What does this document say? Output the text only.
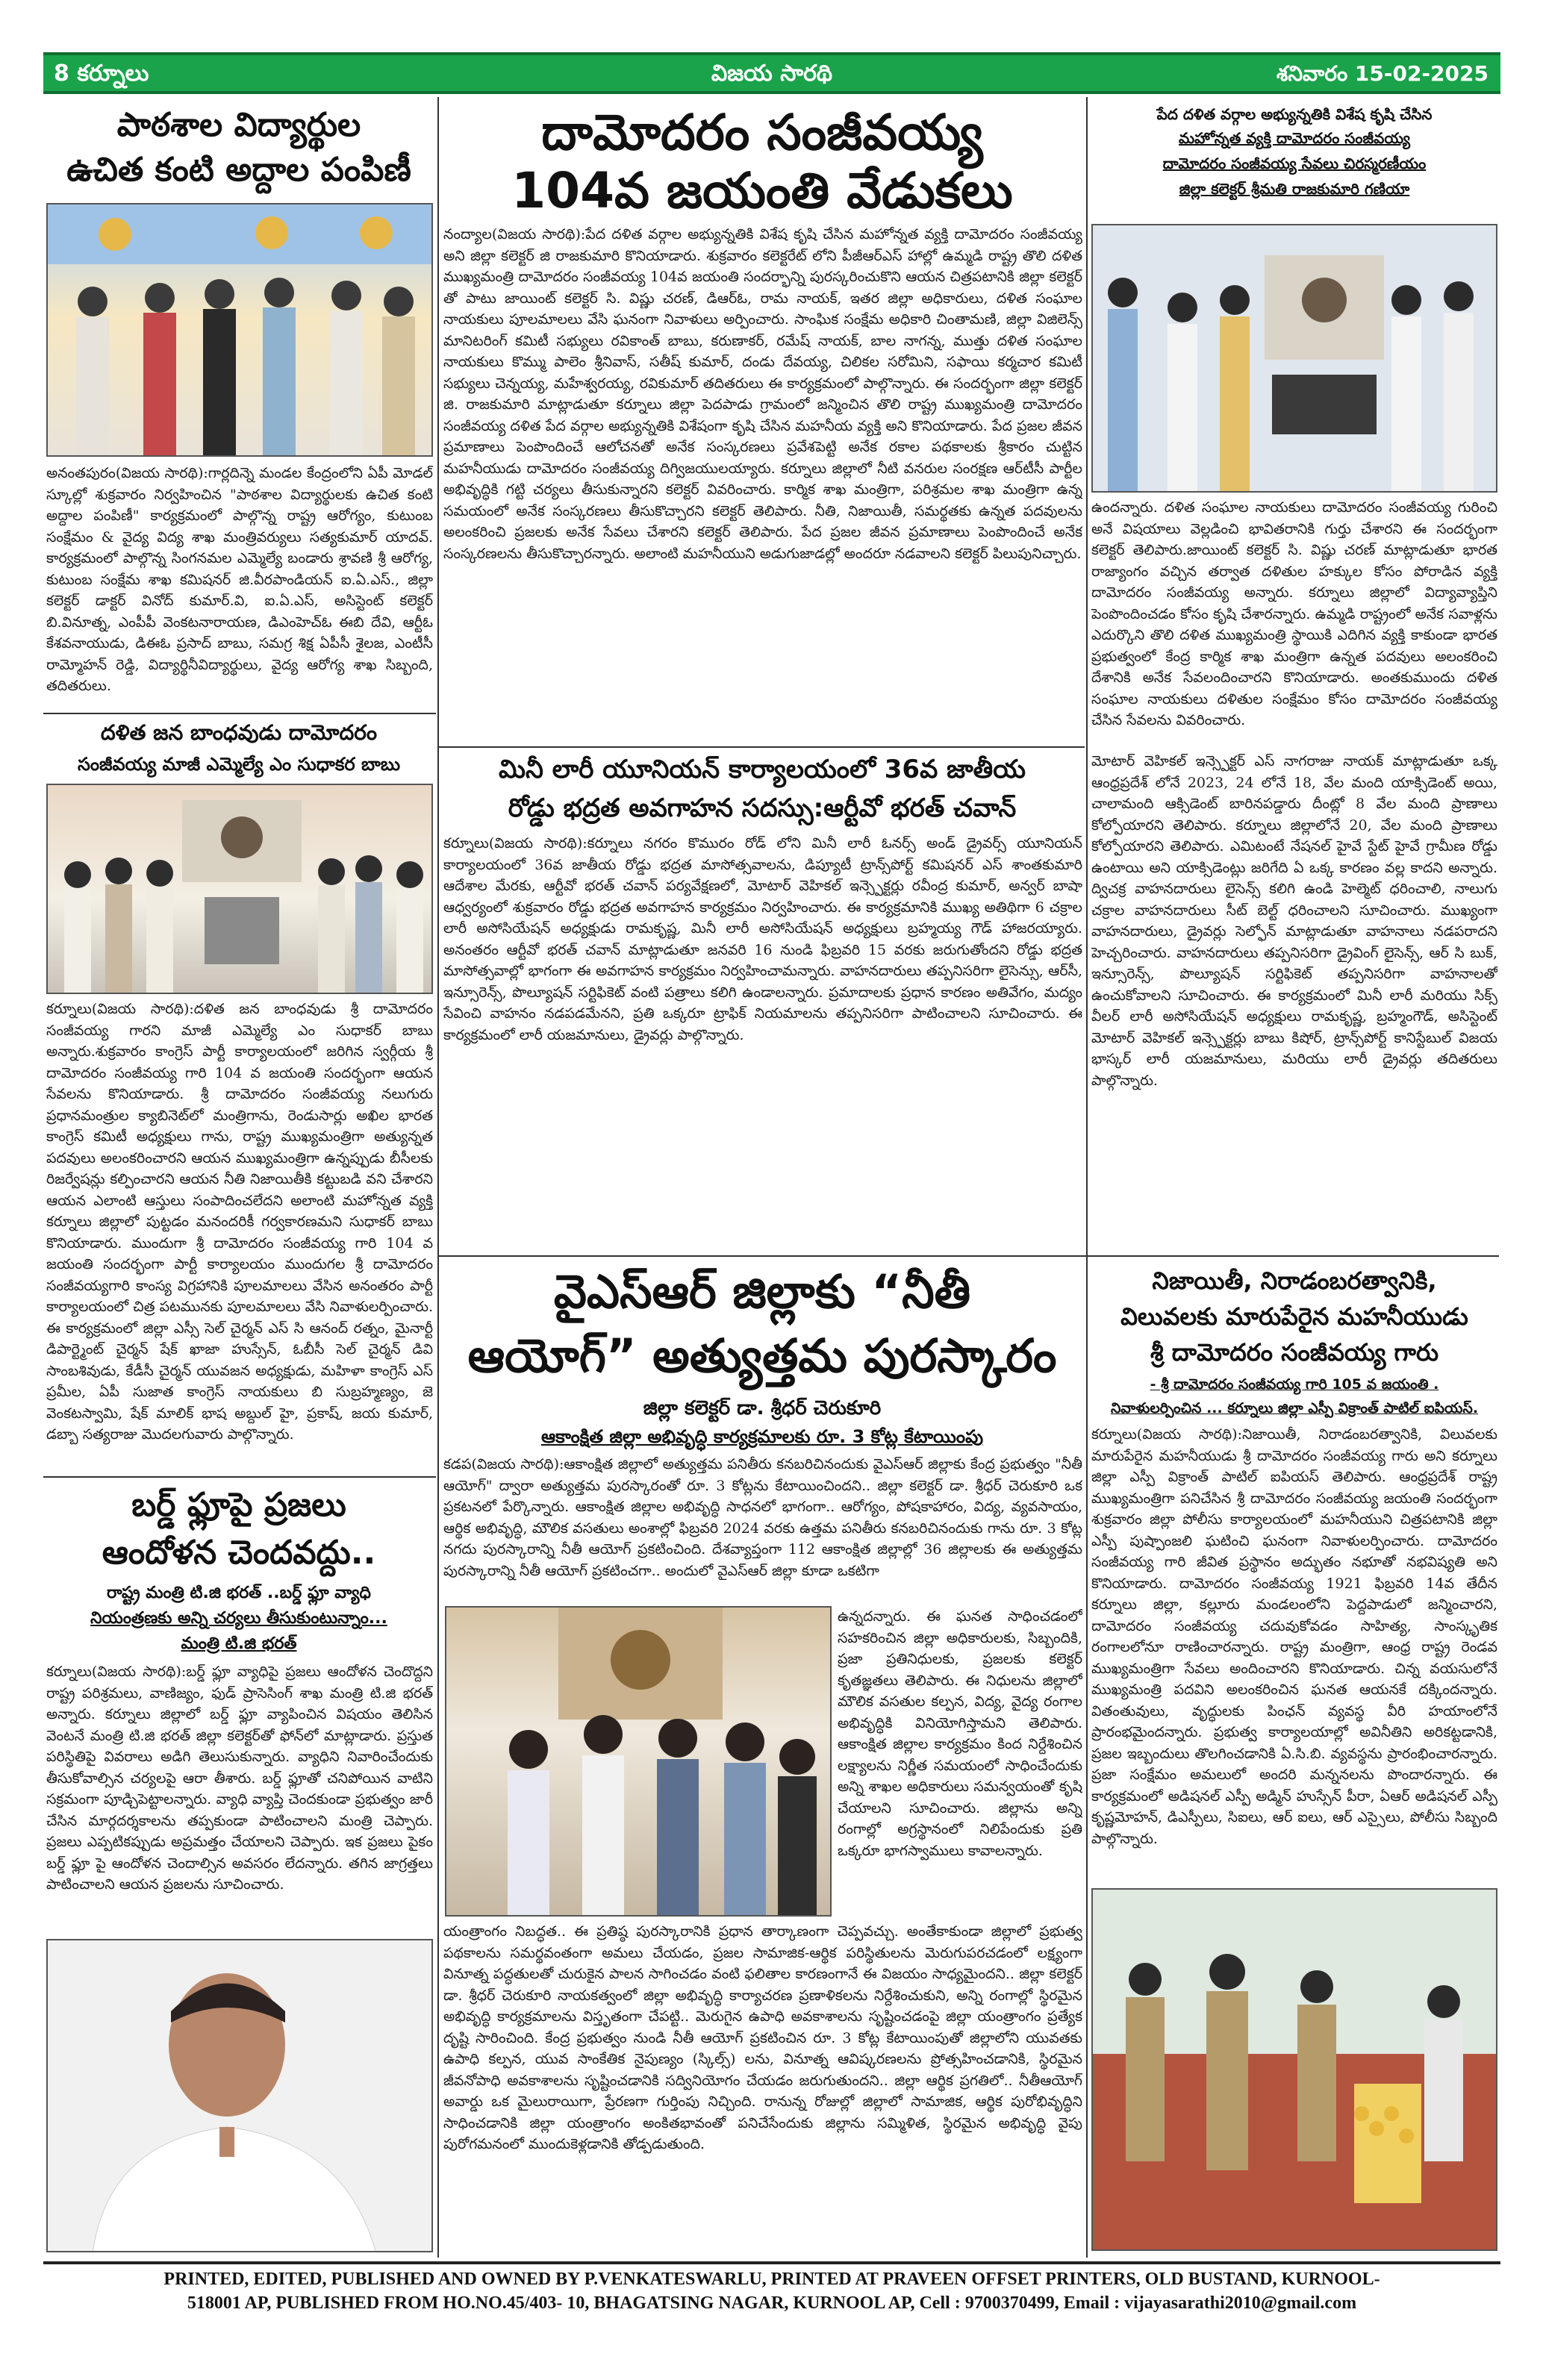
8 కర్నూలు	విజయ సారథి	శనివారం 15-02-2025
పాఠశాల విద్యార్థుల
ఉచిత కంటి అద్దాల పంపిణీ
అనంతపురం(విజయ సారథి):గార్లదిన్నె మండల కేంద్రంలోని ఏపీ మోడల్ స్కూల్లో శుక్రవారం నిర్వహించిన "పాఠశాల విద్యార్థులకు ఉచిత కంటి అద్దాల పంపిణీ" కార్యక్రమంలో పాల్గొన్న రాష్ట్ర ఆరోగ్యం, కుటుంబ సంక్షేమం & వైద్య విద్య శాఖ మంత్రివర్యులు సత్యకుమార్ యాదవ్. కార్యక్రమంలో పాల్గొన్న సింగనమల ఎమ్మెల్యే బండారు శ్రావణి శ్రీ ఆరోగ్య, కుటుంబ సంక్షేమ శాఖ కమిషనర్ జి.వీరపాండియన్ ఐ.ఏ.ఎస్., జిల్లా కలెక్టర్ డాక్టర్ వినోద్ కుమార్.వి, ఐ.ఏ.ఎస్, అసిస్టెంట్ కలెక్టర్ బి.వినూత్న, ఎంపీపీ వెంకటనారాయణ, డిఎంహెచ్ఓ ఈబి దేవి, ఆర్టీఓ కేశవనాయుడు, డిఈఓ ప్రసాద్ బాబు, సమగ్ర శిక్ష ఏపీసీ శైలజ, ఎంటీసీ రామ్మోహన్ రెడ్డి, విద్యార్థినీవిద్యార్థులు, వైద్య ఆరోగ్య శాఖ సిబ్బంది, తదితరులు.
దళిత జన బాంధవుడు దామోదరం
సంజీవయ్య మాజీ ఎమ్మెల్యే ఎం సుధాకర బాబు
కర్నూలు(విజయ సారథి):దళిత జన బాంధవుడు శ్రీ దామోదరం సంజీవయ్య గారని మాజీ ఎమ్మెల్యే ఎం సుధాకర్ బాబు అన్నారు.శుక్రవారం కాంగ్రెస్ పార్టీ కార్యాలయంలో జరిగిన స్వర్గీయ శ్రీ దామోదరం సంజీవయ్య గారి 104 వ జయంతి సందర్భంగా ఆయన సేవలను కొనియాడారు. శ్రీ దామోదరం సంజీవయ్య నలుగురు ప్రధానమంత్రుల క్యాబినెట్‌లో మంత్రిగాను, రెండుసార్లు అఖిల భారత కాంగ్రెస్ కమిటీ అధ్యక్షులు గాను, రాష్ట్ర ముఖ్యమంత్రిగా అత్యున్నత పదవులు అలంకరించారని ఆయన ముఖ్యమంత్రిగా ఉన్నప్పుడు బీసీలకు రిజర్వేషన్లు కల్పించారని ఆయన నీతి నిజాయితీకి కట్టుబడి వని చేశారని ఆయన ఎలాంటి ఆస్తులు సంపాదించలేదని అలాంటి మహోన్నత వ్యక్తి కర్నూలు జిల్లాలో పుట్టడం మనందరికీ గర్వకారణమని సుధాకర్ బాబు కొనియాడారు. ముందుగా శ్రీ దామోదరం సంజీవయ్య గారి 104 వ జయంతి సందర్భంగా పార్టీ కార్యాలయం ముందుగల శ్రీ దామోదరం సంజీవయ్యగారి కాంస్య విగ్రహానికి పూలమాలలు వేసిన అనంతరం పార్టీ కార్యాలయంలో చిత్ర పటమునకు పూలమాలలు వేసి నివాళులర్పించారు. ఈ కార్యక్రమంలో జిల్లా ఎస్సీ సెల్ చైర్మన్ ఎస్ సి ఆనంద్ రత్నం, మైనార్టీ డిపార్ట్మెంట్ చైర్మన్ షేక్ ఖాజా హుస్సేన్, ఓబీసీ సెల్ చైర్మన్ డివి సాంబశివుడు, కేడీసీ చైర్మన్ యువజన అధ్యక్షుడు, మహిళా కాంగ్రెస్ ఎస్ ప్రమీల, ఏపీ సుజాత కాంగ్రెస్ నాయకులు బి సుబ్రహ్మణ్యం, జె వెంకటస్వామి, షేక్ మాలిక్ భాష అబ్దుల్ హై, ప్రకాష్, జయ కుమార్, డబ్బా సత్యరాజు మొదలగువారు పాల్గొన్నారు.
బర్డ్ ఫ్లూపై ప్రజలు
ఆందోళన చెందవద్దు..
రాష్ట్ర మంత్రి టి.జి భరత్ ..బర్డ్ ఫ్లూ వ్యాధి
నియంత్రణకు అన్ని చర్యలు తీసుకుంటున్నాం...
మంత్రి టి.జి భరత్
కర్నూలు(విజయ సారథి):బర్డ్ ఫ్లూ వ్యాధిపై ప్రజలు ఆందోళన చెందొద్దని రాష్ట్ర పరిశ్రమలు, వాణిజ్యం, ఫుడ్ ప్రాసెసింగ్ శాఖ మంత్రి టి.జి భరత్ అన్నారు. కర్నూలు జిల్లాలో బర్డ్ ఫ్లూ వ్యాపించిన విషయం తెలిసిన వెంటనే మంత్రి టి.జి భరత్ జిల్లా కలెక్టర్‌తో ఫోన్‌లో మాట్లాడారు. ప్రస్తుత పరిస్థితిపై వివరాలు అడిగి తెలుసుకున్నారు. వ్యాధిని నివారించేందుకు తీసుకోవాల్సిన చర్యలపై ఆరా తీశారు. బర్డ్ ఫ్లూతో చనిపోయిన వాటిని సక్రమంగా పూడ్చిపెట్టాలన్నారు. వ్యాధి వ్యాప్తి చెందకుండా ప్రభుత్వం జారీ చేసిన మార్గదర్శకాలను తప్పకుండా పాటించాలని మంత్రి చెప్పారు. ప్రజలు ఎప్పటికప్పుడు అప్రమత్తం చేయాలని చెప్పారు. ఇక ప్రజలు పైకం బర్డ్ ఫ్లూ పై ఆందోళన చెందాల్సిన అవసరం లేదన్నారు. తగిన జాగ్రత్తలు పాటించాలని ఆయన ప్రజలను సూచించారు.
దామోదరం సంజీవయ్య
104వ జయంతి వేడుకలు
నంద్యాల(విజయ సారథి):పేద దళిత వర్గాల అభ్యున్నతికి విశేష కృషి చేసిన మహోన్నత వ్యక్తి దామోదరం సంజీవయ్య అని జిల్లా కలెక్టర్ జి రాజకుమారి కొనియాడారు. శుక్రవారం కలెక్టరేట్ లోని పీజీఆర్ఎస్ హాల్లో ఉమ్మడి రాష్ట్ర తొలి దళిత ముఖ్యమంత్రి దామోదరం సంజీవయ్య 104వ జయంతి సందర్భాన్ని పురస్కరించుకొని ఆయన చిత్రపటానికి జిల్లా కలెక్టర్ తో పాటు జాయింట్ కలెక్టర్ సి. విష్ణు చరణ్, డిఆర్ఓ, రామ నాయక్, ఇతర జిల్లా అధికారులు, దళిత సంఘాల నాయకులు పూలమాలలు వేసి ఘనంగా నివాళులు అర్పించారు. సాంఘిక సంక్షేమ అధికారి చింతామణి, జిల్లా విజిలెన్స్ మానిటరింగ్ కమిటీ సభ్యులు రవికాంత్ బాబు, కరుణాకర్, రమేష్ నాయక్, బాల నాగన్న, ముత్తు దళిత సంఘాల నాయకులు కొమ్ము పాలెం శ్రీనివాస్, సతీష్ కుమార్, దండు దేవయ్య, చిలికల సరోమిని, సఫాయి కర్మచార కమిటీ సభ్యులు చెన్నయ్య, మహేశ్వరయ్య, రవికుమార్ తదితరులు ఈ కార్యక్రమంలో పాల్గొన్నారు. ఈ సందర్భంగా జిల్లా కలెక్టర్ జి. రాజకుమారి మాట్లాడుతూ కర్నూలు జిల్లా పెదపాడు గ్రామంలో జన్మించిన తొలి రాష్ట్ర ముఖ్యమంత్రి దామోదరం సంజీవయ్య దళిత పేద వర్గాల అభ్యున్నతికి విశేషంగా కృషి చేసిన మహనీయ వ్యక్తి అని కొనియాడారు. పేద ప్రజల జీవన ప్రమాణాలు పెంపొందించే ఆలోచనతో అనేక సంస్కరణలు ప్రవేశపెట్టి అనేక రకాల పథకాలకు శ్రీకారం చుట్టిన మహనీయుడు దామోదరం సంజీవయ్య దిగ్విజయులయ్యారు. కర్నూలు జిల్లాలో నీటి వనరుల సంరక్షణ ఆర్‌టీసీ పార్టీల అభివృద్ధికి గట్టి చర్యలు తీసుకున్నారని కలెక్టర్ వివరించారు. కార్మిక శాఖ మంత్రిగా, పరిశ్రమల శాఖ మంత్రిగా ఉన్న సమయంలో అనేక సంస్కరణలు తీసుకొచ్చారని కలెక్టర్ తెలిపారు. నీతి, నిజాయితీ, సమర్థతకు ఉన్నత పదవులను అలంకరించి ప్రజలకు అనేక సేవలు చేశారని కలెక్టర్ తెలిపారు. పేద ప్రజల జీవన ప్రమాణాలు పెంపొందించే అనేక సంస్కరణలను తీసుకొచ్చారన్నారు. అలాంటి మహనీయుని అడుగుజాడల్లో అందరూ నడవాలని కలెక్టర్ పిలుపునిచ్చారు.
మినీ లారీ యూనియన్ కార్యాలయంలో 36వ జాతీయ
రోడ్డు భద్రత అవగాహన సదస్సు:ఆర్టీవో భరత్ చవాన్
కర్నూలు(విజయ సారథి):కర్నూలు నగరం కొమురం రోడ్ లోని మినీ లారీ ఓనర్స్ అండ్ డ్రైవర్స్ యూనియన్ కార్యాలయంలో 36వ జాతీయ రోడ్డు భద్రత మాసోత్సవాలను, డిప్యూటీ ట్రాన్స్‌పోర్ట్ కమిషనర్ ఎస్ శాంతకుమారి ఆదేశాల మేరకు, ఆర్టీవో భరత్ చవాన్ పర్యవేక్షణలో, మోటార్ వెహికల్ ఇన్స్పెక్టర్లు రవీంద్ర కుమార్, అన్వర్ బాషా ఆధ్వర్యంలో శుక్రవారం రోడ్డు భద్రత అవగాహన కార్యక్రమం నిర్వహించారు. ఈ కార్యక్రమానికి ముఖ్య అతిథిగా 6 చక్రాల లారీ అసోసియేషన్ అధ్యక్షుడు రామకృష్ణ, మినీ లారీ అసోసియేషన్ అధ్యక్షులు బ్రహ్మయ్య గౌడ్ హాజరయ్యారు. అనంతరం ఆర్టీవో భరత్ చవాన్ మాట్లాడుతూ జనవరి 16 నుండి ఫిబ్రవరి 15 వరకు జరుగుతోందని రోడ్డు భద్రత మాసోత్సవాల్లో భాగంగా ఈ అవగాహన కార్యక్రమం నిర్వహించామన్నారు. వాహనదారులు తప్పనిసరిగా లైసెన్సు, ఆర్‌సీ, ఇన్సూరెన్స్, పొల్యూషన్ సర్టిఫికెట్ వంటి పత్రాలు కలిగి ఉండాలన్నారు. ప్రమాదాలకు ప్రధాన కారణం అతివేగం, మద్యం సేవించి వాహనం నడపడమేనని, ప్రతి ఒక్కరూ ట్రాఫిక్ నియమాలను తప్పనిసరిగా పాటించాలని సూచించారు. ఈ కార్యక్రమంలో లారీ యజమానులు, డ్రైవర్లు పాల్గొన్నారు.
వైఎస్ఆర్ జిల్లాకు “నీతీ
ఆయోగ్” అత్యుత్తమ పురస్కారం
జిల్లా కలెక్టర్ డా. శ్రీధర్ చెరుకూరి
ఆకాంక్షిత జిల్లా అభివృద్ధి కార్యక్రమాలకు రూ. 3 కోట్ల కేటాయింపు
కడప(విజయ సారథి):ఆకాంక్షిత జిల్లాలో అత్యుత్తమ పనితీరు కనబరిచినందుకు వైఎస్ఆర్ జిల్లాకు కేంద్ర ప్రభుత్వం "నీతీ ఆయోగ్" ద్వారా అత్యుత్తమ పురస్కారంతో రూ. 3 కోట్లను కేటాయించిందని.. జిల్లా కలెక్టర్ డా. శ్రీధర్ చెరుకూరి ఒక ప్రకటనలో పేర్కొన్నారు. ఆకాంక్షిత జిల్లాల అభివృద్ధి సాధనలో భాగంగా.. ఆరోగ్యం, పోషకాహారం, విద్య, వ్యవసాయం, ఆర్థిక అభివృద్ధి, మౌలిక వసతులు అంశాల్లో ఫిబ్రవరి 2024 వరకు ఉత్తమ పనితీరు కనబరిచినందుకు గాను రూ. 3 కోట్ల నగదు పురస్కారాన్ని నీతీ ఆయోగ్ ప్రకటించింది. దేశవ్యాప్తంగా 112 ఆకాంక్షిత జిల్లాల్లో 36 జిల్లాలకు ఈ అత్యుత్తమ పురస్కారాన్ని నీతీ ఆయోగ్ ప్రకటించగా.. అందులో వైఎస్ఆర్ జిల్లా కూడా ఒకటిగా
ఉన్నదన్నారు. ఈ ఘనత సాధించడంలో సహకరించిన జిల్లా అధికారులకు, సిబ్బందికి, ప్రజా ప్రతినిధులకు, ప్రజలకు కలెక్టర్ కృతజ్ఞతలు తెలిపారు. ఈ నిధులను జిల్లాలో మౌలిక వసతుల కల్పన, విద్య, వైద్య రంగాల అభివృద్ధికి వినియోగిస్తామని తెలిపారు. ఆకాంక్షిత జిల్లాల కార్యక్రమం కింద నిర్దేశించిన లక్ష్యాలను నిర్ణీత సమయంలో సాధించేందుకు అన్ని శాఖల అధికారులు సమన్వయంతో కృషి చేయాలని సూచించారు. జిల్లాను అన్ని రంగాల్లో అగ్రస్థానంలో నిలిపేందుకు ప్రతి ఒక్కరూ భాగస్వాములు కావాలన్నారు.
యంత్రాంగం నిబద్ధత.. ఈ ప్రతిష్ఠ పురస్కారానికి ప్రధాన తార్కాణంగా చెప్పవచ్చు. అంతేకాకుండా జిల్లాలో ప్రభుత్వ పథకాలను సమర్థవంతంగా అమలు చేయడం, ప్రజల సామాజిక-ఆర్థిక పరిస్థితులను మెరుగుపరచడంలో లక్ష్యంగా వినూత్న పద్ధతులతో చురుకైన పాలన సాగించడం వంటి ఫలితాల కారణంగానే ఈ విజయం సాధ్యమైందని.. జిల్లా కలెక్టర్ డా. శ్రీధర్ చెరుకూరి నాయకత్వంలో జిల్లా అభివృద్ధి కార్యాచరణ ప్రణాళికలను నిర్దేశించుకుని, అన్ని రంగాల్లో స్థిరమైన అభివృద్ధి కార్యక్రమాలను విస్తృతంగా చేపట్టి.. మెరుగైన ఉపాధి అవకాశాలను సృష్టించడంపై జిల్లా యంత్రాంగం ప్రత్యేక దృష్టి సారించింది. కేంద్ర ప్రభుత్వం నుండి నీతీ ఆయోగ్ ప్రకటించిన రూ. 3 కోట్ల కేటాయింపుతో జిల్లాలోని యువతకు ఉపాధి కల్పన, యువ సాంకేతిక నైపుణ్యం (స్కిల్స్) లను, వినూత్న ఆవిష్కరణలను ప్రోత్సహించడానికి, స్థిరమైన జీవనోపాధి అవకాశాలను సృష్టించడానికి సద్వినియోగం చేయడం జరుగుతుందని.. జిల్లా ఆర్థిక ప్రగతిలో.. నీతీఆయోగ్ అవార్డు ఒక మైలురాయిగా, ప్రేరణగా గుర్తింపు నిచ్చింది. రానున్న రోజుల్లో జిల్లాలో సామాజిక, ఆర్థిక పురోభివృద్ధిని సాధించడానికి జిల్లా యంత్రాంగం అంకితభావంతో పనిచేసేందుకు జిల్లాను సమ్మిళిత, స్థిరమైన అభివృద్ధి వైపు పురోగమనంలో ముందుకెళ్లడానికి తోడ్పడుతుంది.
పేద దళిత వర్గాల అభ్యున్నతికి విశేష కృషి చేసిన
మహోన్నత వ్యక్తి దామోదరం సంజీవయ్య
దామోదరం సంజీవయ్య సేవలు చిరస్మరణీయం
జిల్లా కలెక్టర్ శ్రీమతి రాజకుమారి గణియా
ఉందన్నారు. దళిత సంఘాల నాయకులు దామోదరం సంజీవయ్య గురించి అనే విషయాలు వెల్లడించి భావితరానికి గుర్తు చేశారని ఈ సందర్భంగా కలెక్టర్ తెలిపారు.జాయింట్ కలెక్టర్ సి. విష్ణు చరణ్ మాట్లాడుతూ భారత రాజ్యాంగం వచ్చిన తర్వాత దళితుల హక్కుల కోసం పోరాడిన వ్యక్తి దామోదరం సంజీవయ్య అన్నారు. కర్నూలు జిల్లాలో విద్యావ్యాప్తిని పెంపొందించడం కోసం కృషి చేశారన్నారు. ఉమ్మడి రాష్ట్రంలో అనేక సవాళ్లను ఎదుర్కొని తొలి దళిత ముఖ్యమంత్రి స్థాయికి ఎదిగిన వ్యక్తి కాకుండా భారత ప్రభుత్వంలో కేంద్ర కార్మిక శాఖ మంత్రిగా ఉన్నత పదవులు అలంకరించి దేశానికి అనేక సేవలందించారని కొనియాడారు. అంతకుముందు దళిత సంఘాల నాయకులు దళితుల సంక్షేమం కోసం దామోదరం సంజీవయ్య చేసిన సేవలను వివరించారు.
మోటార్ వెహికల్ ఇన్స్పెక్టర్ ఎస్ నాగరాజు నాయక్ మాట్లాడుతూ ఒక్క ఆంధ్రప్రదేశ్ లోనే 2023, 24 లోనే 18, వేల మంది యాక్సిడెంట్ అయి, చాలామంది ఆక్సిడెంట్ బారినపడ్డారు దీంట్లో 8 వేల మంది ప్రాణాలు కోల్పోయారని తెలిపారు. కర్నూలు జిల్లాలోనే 20, వేల మంది ప్రాణాలు కోల్పోయారని తెలిపారు. ఎమిటంటే నేషనల్ హైవే స్టేట్ హైవే గ్రామీణ రోడ్డు ఉంటాయి అని యాక్సిడెంట్లు జరిగేది ఏ ఒక్క కారణం వల్ల కాదని అన్నారు. ద్విచక్ర వాహనదారులు లైసెన్స్ కలిగి ఉండి హెల్మెట్ ధరించాలి, నాలుగు చక్రాల వాహనదారులు సీట్ బెల్ట్ ధరించాలని సూచించారు. ముఖ్యంగా వాహనదారులు, డ్రైవర్లు సెల్ఫోన్ మాట్లాడుతూ వాహనాలు నడపరాదని హెచ్చరించారు. వాహనదారులు తప్పనిసరిగా డ్రైవింగ్ లైసెన్స్, ఆర్ సి బుక్, ఇన్సూరెన్స్, పొల్యూషన్ సర్టిఫికెట్ తప్పనిసరిగా వాహనాలతో ఉంచుకోవాలని సూచించారు. ఈ కార్యక్రమంలో మినీ లారీ మరియు సిక్స్ వీలర్ లారీ అసోసియేషన్ అధ్యక్షులు రామకృష్ణ, బ్రహ్మంగౌడ్, అసిస్టెంట్ మోటార్ వెహికల్ ఇన్స్పెక్టర్లు బాబు కిషోర్, ట్రాన్స్‌పోర్ట్ కానిస్టేబుల్ విజయ భాస్కర్ లారీ యజమానులు, మరియు లారీ డ్రైవర్లు తదితరులు పాల్గొన్నారు.
నిజాయితీ, నిరాడంబరత్వానికి,
విలువలకు మారుపేరైన మహనీయుడు
శ్రీ దామోదరం సంజీవయ్య గారు
- శ్రీ దామోదరం సంజీవయ్య గారి 105 వ జయంతి .
నివాళులర్పించిన ... కర్నూలు జిల్లా ఎస్పీ విక్రాంత్ పాటిల్ ఐపియస్.
కర్నూలు(విజయ సారథి):నిజాయితీ, నిరాడంబరత్వానికి, విలువలకు మారుపేరైన మహనీయుడు శ్రీ దామోదరం సంజీవయ్య గారు అని కర్నూలు జిల్లా ఎస్పీ విక్రాంత్ పాటిల్ ఐపియస్ తెలిపారు. ఆంధ్రప్రదేశ్ రాష్ట్ర ముఖ్యమంత్రిగా పనిచేసిన శ్రీ దామోదరం సంజీవయ్య జయంతి సందర్భంగా శుక్రవారం జిల్లా పోలీసు కార్యాలయంలో మహనీయుని చిత్రపటానికి జిల్లా ఎస్పీ పుష్పాంజలి ఘటించి ఘనంగా నివాళులర్పించారు. దామోదరం సంజీవయ్య గారి జీవిత ప్రస్థానం అద్భుతం నభూతో నభవిష్యతి అని కొనియాడారు. దామోదరం సంజీవయ్య 1921 ఫిబ్రవరి 14వ తేదీన కర్నూలు జిల్లా, కల్లూరు మండలంలోని పెద్దపాడులో జన్మించారని, దామోదరం సంజీవయ్య చదువుకోవడం సాహిత్య, సాంస్కృతిక రంగాలలోనూ రాణించారన్నారు. రాష్ట్ర మంత్రిగా, ఆంధ్ర రాష్ట్ర రెండవ ముఖ్యమంత్రిగా సేవలు అందించారని కొనియాడారు. చిన్న వయసులోనే ముఖ్యమంత్రి పదవిని అలంకరించిన ఘనత ఆయనకే దక్కిందన్నారు. వితంతువులు, వృద్ధులకు పింఛన్ వ్యవస్థ వీరి హయాంలోనే ప్రారంభమైందన్నారు. ప్రభుత్వ కార్యాలయాల్లో అవినీతిని అరికట్టడానికి, ప్రజల ఇబ్బందులు తొలగించడానికి ఏ.సి.బి. వ్యవస్థను ప్రారంభించారన్నారు. ప్రజా సంక్షేమం అమలులో అందరి మన్ననలను పొందారన్నారు. ఈ కార్యక్రమంలో అడిషనల్ ఎస్పీ అడ్మిన్ హుస్సేన్ పీరా, ఏఆర్ అడిషనల్ ఎస్పీ కృష్ణమోహన్, డిఎస్పీలు, సిఐలు, ఆర్ ఐలు, ఆర్ ఎస్సైలు, పోలీసు సిబ్బంది పాల్గొన్నారు.
PRINTED, EDITED, PUBLISHED AND OWNED BY P.VENKATESWARLU, PRINTED AT PRAVEEN OFFSET PRINTERS, OLD BUSTAND, KURNOOL-
518001 AP, PUBLISHED FROM HO.NO.45/403- 10, BHAGATSING NAGAR, KURNOOL AP, Cell : 9700370499, Email : vijayasarathi2010@gmail.com
